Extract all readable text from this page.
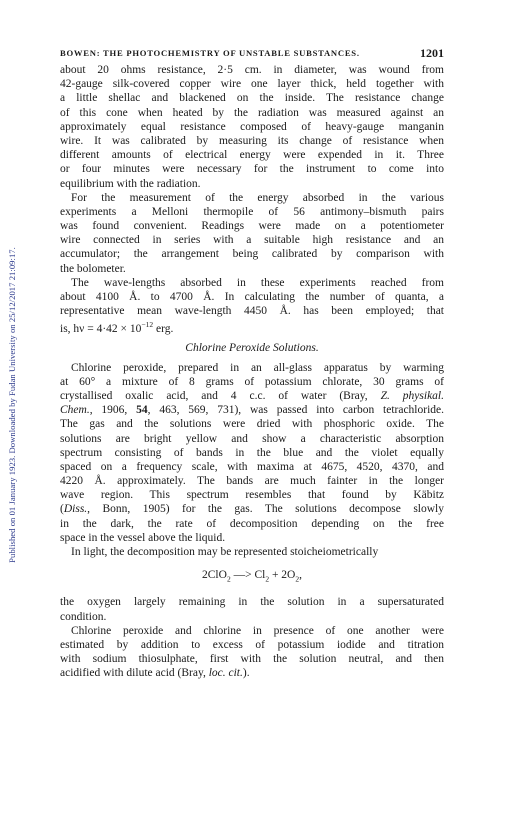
Published on 01 January 1923. Downloaded by Fudan University on 25/12/2017 21:09:17.
BOWEN: THE PHOTOCHEMISTRY OF UNSTABLE SUBSTANCES.	1201
about 20 ohms resistance, 2·5 cm. in diameter, was wound from
42-gauge silk-covered copper wire one layer thick, held together with
a little shellac and blackened on the inside. The resistance change
of this cone when heated by the radiation was measured against an
approximately equal resistance composed of heavy-gauge manganin
wire. It was calibrated by measuring its change of resistance when
different amounts of electrical energy were expended in it. Three
or four minutes were necessary for the instrument to come into
equilibrium with the radiation.
For the measurement of the energy absorbed in the various
experiments a Melloni thermopile of 56 antimony–bismuth pairs
was found convenient. Readings were made on a potentiometer
wire connected in series with a suitable high resistance and an
accumulator; the arrangement being calibrated by comparison with
the bolometer.
The wave-lengths absorbed in these experiments reached from
about 4100 Å. to 4700 Å. In calculating the number of quanta, a
representative mean wave-length 4450 Å. has been employed; that
is, $h\nu = 4\cdot 42 \times 10^{-12}$ erg.
Chlorine Peroxide Solutions.
Chlorine peroxide, prepared in an all-glass apparatus by warming
at 60° a mixture of 8 grams of potassium chlorate, 30 grams of
crystallised oxalic acid, and 4 c.c. of water (Bray, Z. physikal.
Chem., 1906, 54, 463, 569, 731), was passed into carbon tetrachloride.
The gas and the solutions were dried with phosphoric oxide. The
solutions are bright yellow and show a characteristic absorption
spectrum consisting of bands in the blue and the violet equally
spaced on a frequency scale, with maxima at 4675, 4520, 4370, and
4220 Å. approximately. The bands are much fainter in the longer
wave region. This spectrum resembles that found by Käbitz
(Diss., Bonn, 1905) for the gas. The solutions decompose slowly
in the dark, the rate of decomposition depending on the free
space in the vessel above the liquid.
In light, the decomposition may be represented stoicheiometrically
2ClO$_2$ —> $Cl_2 + 2O_2$,
the oxygen largely remaining in the solution in a supersaturated
condition.
Chlorine peroxide and chlorine in presence of one another were
estimated by addition to excess of potassium iodide and titration
with sodium thiosulphate, first with the solution neutral, and then
acidified with dilute acid (Bray, loc. cit.).
